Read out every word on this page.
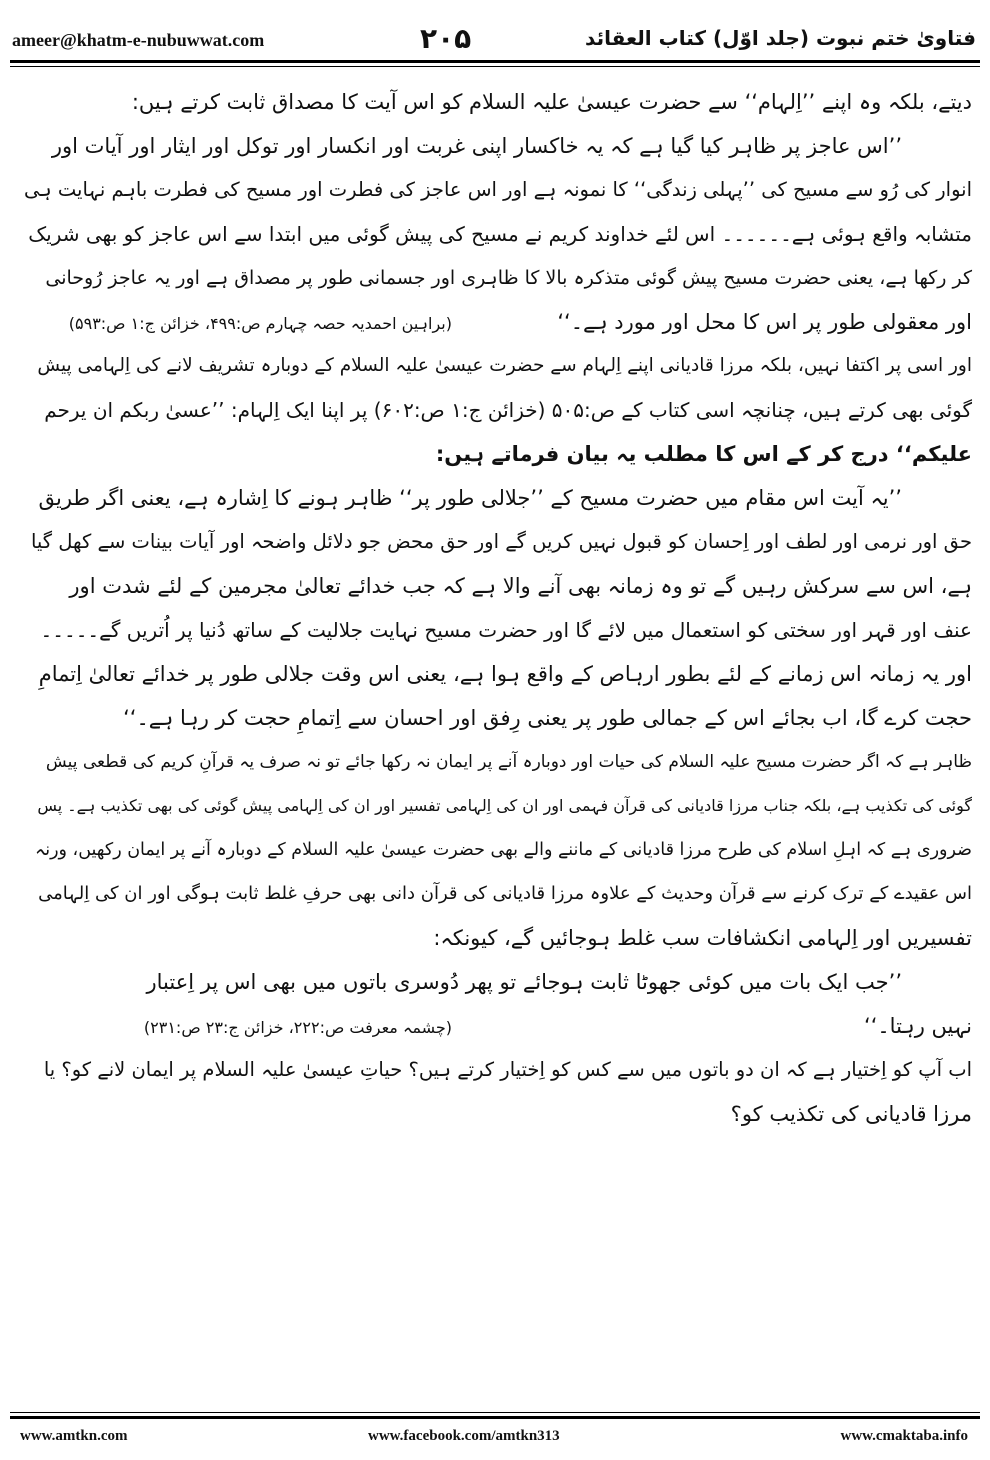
ameer@khatm-e-nubuwwat.com	۲۰۵	فتاویٰ ختم نبوت (جلد اوّل) کتاب العقائد
دیتے، بلکہ وہ اپنے ’’اِلہام‘‘ سے حضرت عیسیٰ علیہ السلام کو اس آیت کا مصداق ثابت کرتے ہیں:
’’اس عاجز پر ظاہر کیا گیا ہے کہ یہ خاکسار اپنی غربت اور انکسار اور توکل اور ایثار اور آیات اور
انوار کی رُو سے مسیح کی ’’پہلی زندگی‘‘ کا نمونہ ہے اور اس عاجز کی فطرت اور مسیح کی فطرت باہم نہایت ہی
متشابہ واقع ہوئی ہے۔۔۔۔۔۔ اس لئے خداوند کریم نے مسیح کی پیش گوئی میں ابتدا سے اس عاجز کو بھی شریک
کر رکھا ہے، یعنی حضرت مسیح پیش گوئی متذکرہ بالا کا ظاہری اور جسمانی طور پر مصداق ہے اور یہ عاجز رُوحانی
اور معقولی طور پر اس کا محل اور مورد ہے۔‘‘
(براہین احمدیہ حصہ چہارم ص:۴۹۹، خزائن ج:۱ ص:۵۹۳)
اور اسی پر اکتفا نہیں، بلکہ مرزا قادیانی اپنے اِلہام سے حضرت عیسیٰ علیہ السلام کے دوبارہ تشریف لانے کی اِلہامی پیش
گوئی بھی کرتے ہیں، چنانچہ اسی کتاب کے ص:۵۰۵ (خزائن ج:۱ ص:۶۰۲) پر اپنا ایک اِلہام: ’’عسیٰ ربکم ان یرحم
علیکم‘‘ درج کر کے اس کا مطلب یہ بیان فرماتے ہیں:
’’یہ آیت اس مقام میں حضرت مسیح کے ’’جلالی طور پر‘‘ ظاہر ہونے کا اِشارہ ہے، یعنی اگر طریق
حق اور نرمی اور لطف اور اِحسان کو قبول نہیں کریں گے اور حق محض جو دلائل واضحہ اور آیات بینات سے کھل گیا
ہے، اس سے سرکش رہیں گے تو وہ زمانہ بھی آنے والا ہے کہ جب خدائے تعالیٰ مجرمین کے لئے شدت اور
عنف اور قہر اور سختی کو استعمال میں لائے گا اور حضرت مسیح نہایت جلالیت کے ساتھ دُنیا پر اُتریں گے۔۔۔۔۔
اور یہ زمانہ اس زمانے کے لئے بطور ارہاص کے واقع ہوا ہے، یعنی اس وقت جلالی طور پر خدائے تعالیٰ اِتمامِ
حجت کرے گا، اب بجائے اس کے جمالی طور پر یعنی رِفق اور احسان سے اِتمامِ حجت کر رہا ہے۔‘‘
ظاہر ہے کہ اگر حضرت مسیح علیہ السلام کی حیات اور دوبارہ آنے پر ایمان نہ رکھا جائے تو نہ صرف یہ قرآنِ کریم کی قطعی پیش
گوئی کی تکذیب ہے، بلکہ جناب مرزا قادیانی کی قرآن فہمی اور ان کی اِلہامی تفسیر اور ان کی اِلہامی پیش گوئی کی بھی تکذیب ہے۔ پس
ضروری ہے کہ اہلِ اسلام کی طرح مرزا قادیانی کے ماننے والے بھی حضرت عیسیٰ علیہ السلام کے دوبارہ آنے پر ایمان رکھیں، ورنہ
اس عقیدے کے ترک کرنے سے قرآن وحدیث کے علاوہ مرزا قادیانی کی قرآن دانی بھی حرفِ غلط ثابت ہوگی اور ان کی اِلہامی
تفسیریں اور اِلہامی انکشافات سب غلط ہوجائیں گے، کیونکہ:
’’جب ایک بات میں کوئی جھوٹا ثابت ہوجائے تو پھر دُوسری باتوں میں بھی اس پر اِعتبار
نہیں رہتا۔‘‘
(چشمہ معرفت ص:۲۲۲، خزائن ج:۲۳ ص:۲۳۱)
اب آپ کو اِختیار ہے کہ ان دو باتوں میں سے کس کو اِختیار کرتے ہیں؟ حیاتِ عیسیٰ علیہ السلام پر ایمان لانے کو؟ یا
مرزا قادیانی کی تکذیب کو؟
www.amtkn.com	www.facebook.com/amtkn313	www.cmaktaba.info
